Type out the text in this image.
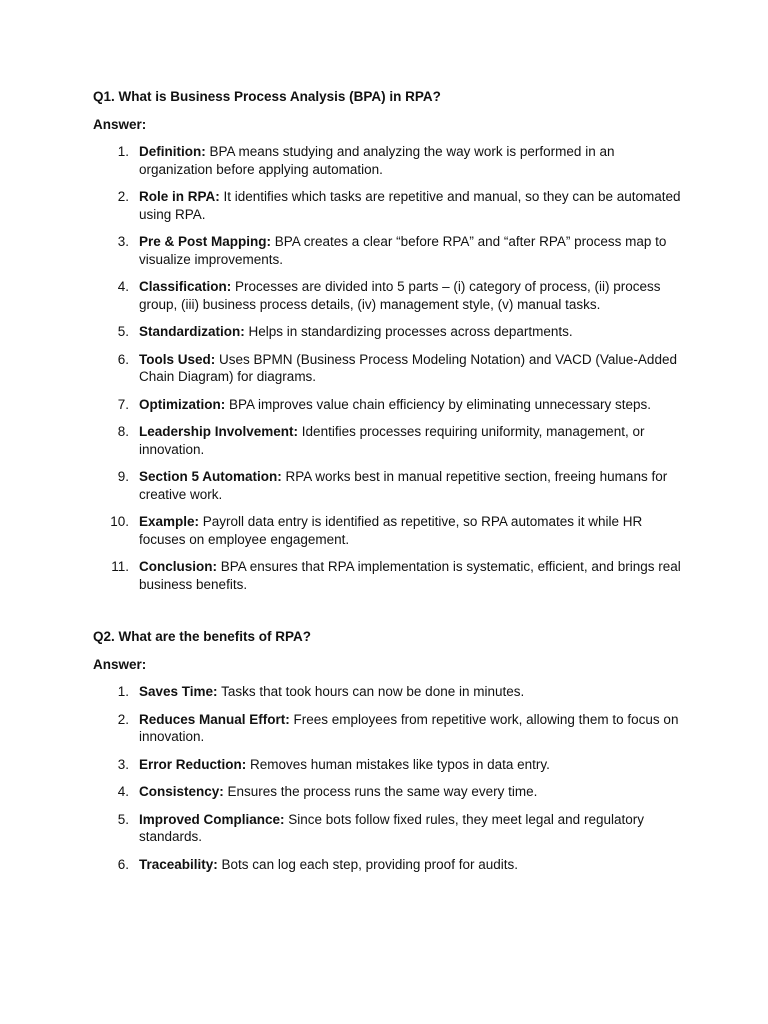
Q1. What is Business Process Analysis (BPA) in RPA?
Answer:
1. Definition: BPA means studying and analyzing the way work is performed in an organization before applying automation.
2. Role in RPA: It identifies which tasks are repetitive and manual, so they can be automated using RPA.
3. Pre & Post Mapping: BPA creates a clear “before RPA” and “after RPA” process map to visualize improvements.
4. Classification: Processes are divided into 5 parts – (i) category of process, (ii) process group, (iii) business process details, (iv) management style, (v) manual tasks.
5. Standardization: Helps in standardizing processes across departments.
6. Tools Used: Uses BPMN (Business Process Modeling Notation) and VACD (Value-Added Chain Diagram) for diagrams.
7. Optimization: BPA improves value chain efficiency by eliminating unnecessary steps.
8. Leadership Involvement: Identifies processes requiring uniformity, management, or innovation.
9. Section 5 Automation: RPA works best in manual repetitive section, freeing humans for creative work.
10. Example: Payroll data entry is identified as repetitive, so RPA automates it while HR focuses on employee engagement.
11. Conclusion: BPA ensures that RPA implementation is systematic, efficient, and brings real business benefits.
Q2. What are the benefits of RPA?
Answer:
1. Saves Time: Tasks that took hours can now be done in minutes.
2. Reduces Manual Effort: Frees employees from repetitive work, allowing them to focus on innovation.
3. Error Reduction: Removes human mistakes like typos in data entry.
4. Consistency: Ensures the process runs the same way every time.
5. Improved Compliance: Since bots follow fixed rules, they meet legal and regulatory standards.
6. Traceability: Bots can log each step, providing proof for audits.
